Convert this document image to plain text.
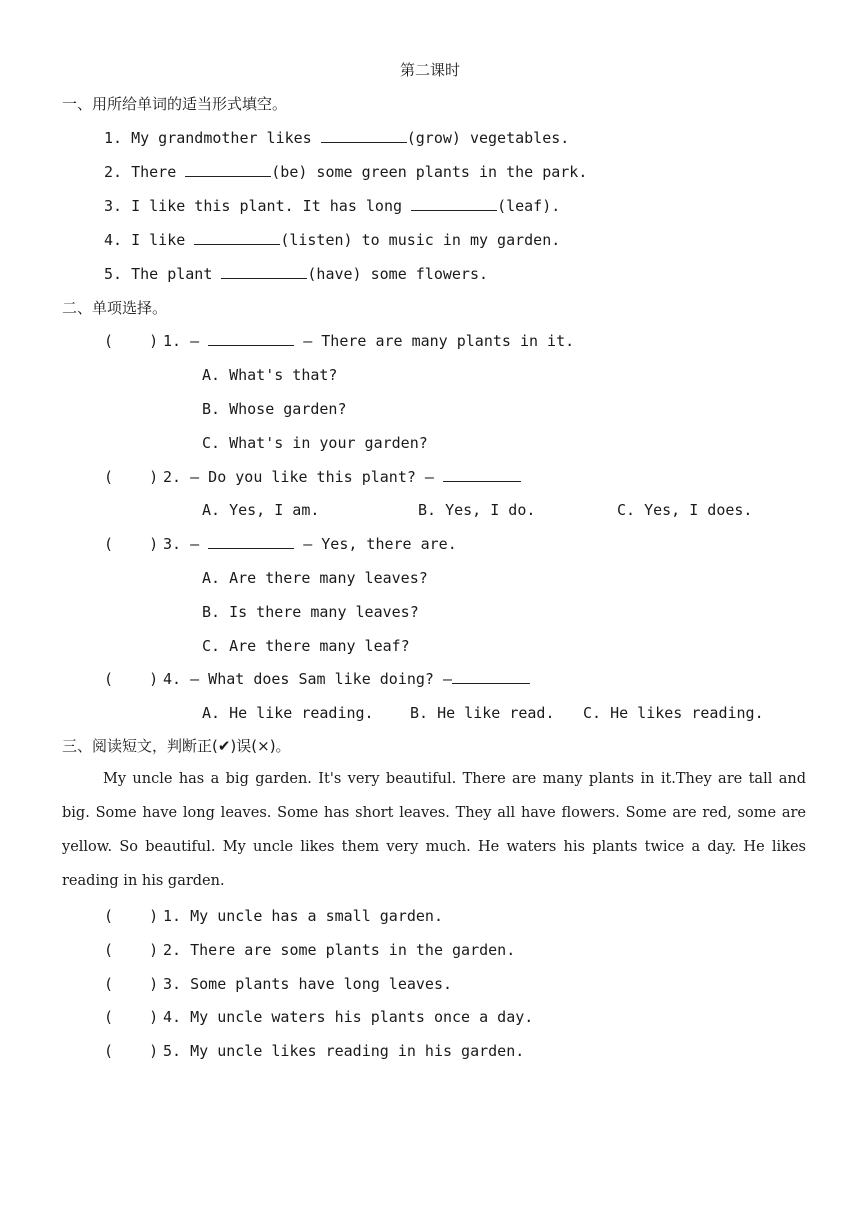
第二课时
一、用所给单词的适当形式填空。
1. My grandmother likes	(grow) vegetables.
2. There	(be) some green plants in the park.
3. I like this plant. It has long	(leaf).
4. I like	(listen) to music in my garden.
5. The plant	(have) some flowers.
二、单项选择。
( ) 1. —	— There are many plants in it.
A. What's that?
B. Whose garden?
C. What's in your garden?
( ) 2. — Do you like this plant? —
A. Yes, I am.	B. Yes, I do.	C. Yes, I does.
( ) 3. —	— Yes, there are.
A. Are there many leaves?
B. Is there many leaves?
C. Are there many leaf?
( ) 4. — What does Sam like doing? —
A. He like reading. B. He like read. C. He likes reading.
三、阅读短文，判断正(✔)误(×)。
My uncle has a big garden. It's very beautiful. There are many plants in it.They are tall and big. Some have long leaves. Some has short leaves. They all have flowers. Some are red, some are yellow. So beautiful. My uncle likes them very much. He waters his plants twice a day. He likes reading in his garden.
( ) 1. My uncle has a small garden.
( ) 2. There are some plants in the garden.
( ) 3. Some plants have long leaves.
( ) 4. My uncle waters his plants once a day.
( ) 5. My uncle likes reading in his garden.
